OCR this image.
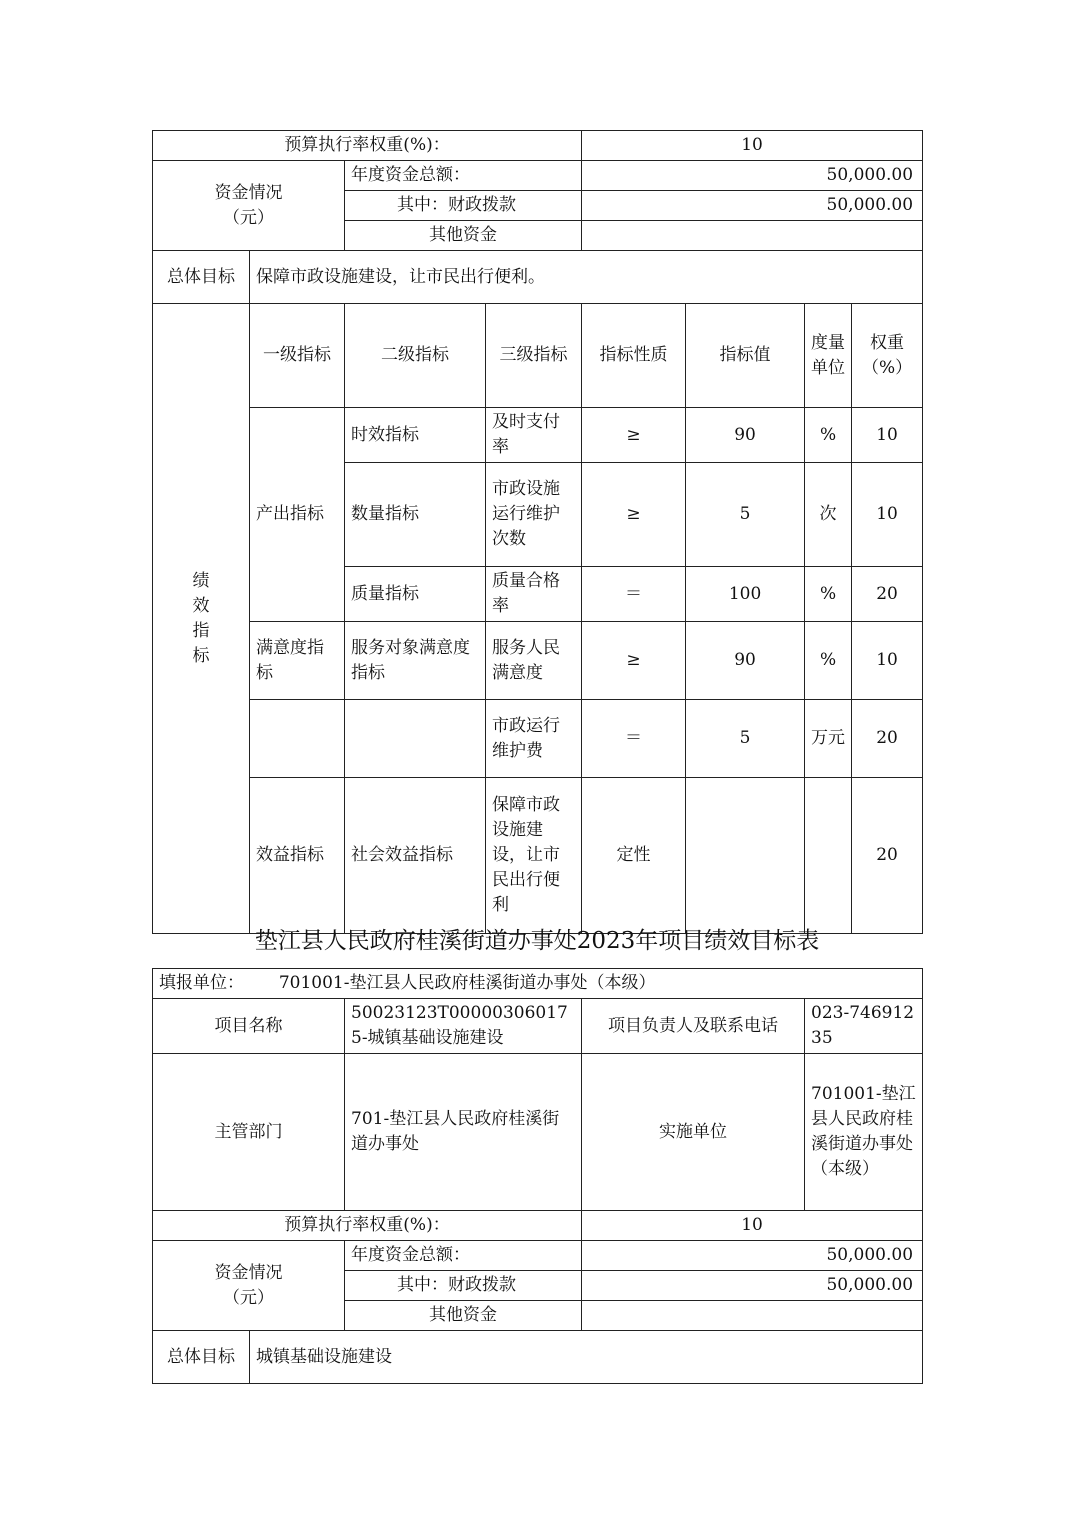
预算执行率权重(%)：				10			
资金情况
（元）		年度资金总额：		50,000.00			
		其中：财政拨款		50,000.00			
		其他资金					
总体目标	保障市政设施建设，让市民出行便利。						
绩效指标	一级指标	二级指标	三级指标	指标性质	指标值	度量单位	权重（%）
	产出指标	时效指标	及时支付率	≥	90	%	10
		数量指标	市政设施运行维护次数	≥	5	次	10
		质量指标	质量合格率	＝	100	%	20
	满意度指标	服务对象满意度指标	服务人民满意度	≥	90	%	10
			市政运行维护费	＝	5	万元	20
	效益指标	社会效益指标	保障市政设施建设，让市民出行便利	定性			20
垫江县人民政府桂溪街道办事处2023年项目绩效目标表
填报单位： 701001-垫江县人民政府桂溪街道办事处（本级）				
项目名称		50023123T000003060175-城镇基础设施建设	项目负责人及联系电话	023-74691235
主管部门		701-垫江县人民政府桂溪街道办事处	实施单位	701001-垫江县人民政府桂溪街道办事处（本级）
预算执行率权重(%)：			10	
资金情况
（元）		年度资金总额：	50,000.00	
		其中：财政拨款	50,000.00	
		其他资金		
总体目标	城镇基础设施建设			
